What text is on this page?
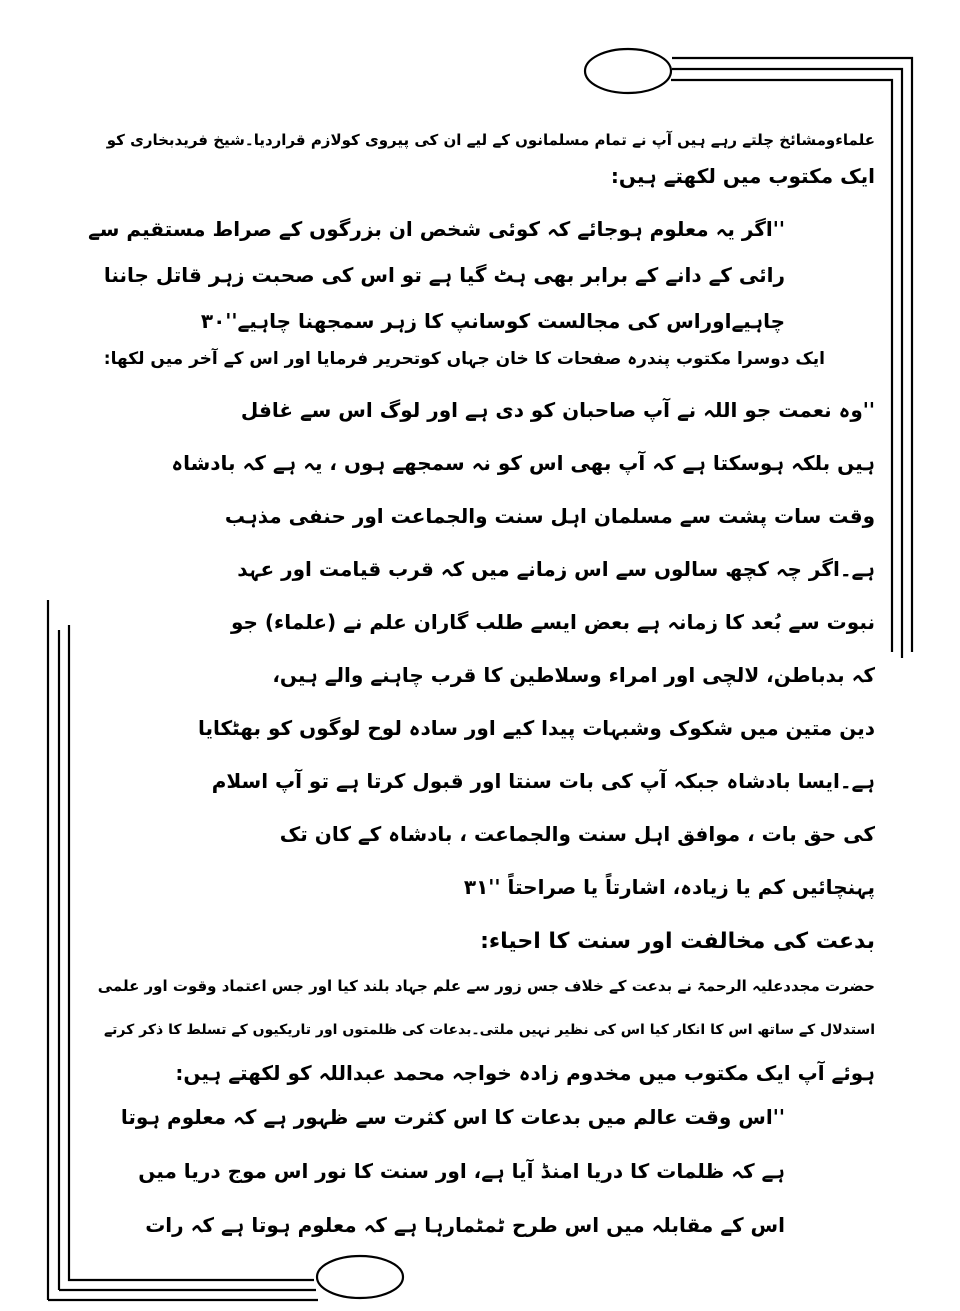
علماءومشائخ چلتے رہے ہیں آپ نے تمام مسلمانوں کے لیے ان کی پیروی کولازم قراردیا۔شیخ فریدبخاری کو
ایک مکتوب میں لکھتے ہیں:
''اگر یہ معلوم ہوجائے کہ کوئی شخص ان بزرگوں کے صراط مستقیم سے
رائی کے دانے کے برابر بھی ہٹ گیا ہے تو اس کی صحبت زہر قاتل جاننا
چاہیےاوراس کی مجالست کوسانپ کا زہر سمجھنا چاہیے''۳۰
ایک دوسرا مکتوب پندرہ صفحات کا خان جہاں کوتحریر فرمایا اور اس کے آخر میں لکھا:
''وہ نعمت جو اللہ نے آپ صاحبان کو دی ہے اور لوگ اس سے غافل
ہیں بلکہ ہوسکتا ہے کہ آپ بھی اس کو نہ سمجھے ہوں ، یہ ہے کہ بادشاہ
وقت سات پشت سے مسلمان اہل سنت والجماعت اور حنفی مذہب
ہے۔اگر چہ کچھ سالوں سے اس زمانے میں کہ قرب قیامت اور عہد
نبوت سے بُعد کا زمانہ ہے بعض ایسے طلب گاران علم نے (علماء) جو
کہ بدباطن، لالچی اور امراء وسلاطین کا قرب چاہنے والے ہیں،
دین متین میں شکوک وشبہات پیدا کیے اور سادہ لوح لوگوں کو بھٹکایا
ہے۔ایسا بادشاہ جبکہ آپ کی بات سنتا اور قبول کرتا ہے تو آپ اسلام
کی حق بات ، موافق اہل سنت والجماعت ، بادشاہ کے کان تک
پہنچائیں کم یا زیادہ، اشارتاً یا صراحتاً ''۳۱
بدعت کی مخالفت اور سنت کا احیاء:
حضرت مجددعلیہ الرحمۃ نے بدعت کے خلاف جس زور سے علم جہاد بلند کیا اور جس اعتماد وقوت اور علمی
استدلال کے ساتھ اس کا انکار کیا اس کی نظیر نہیں ملتی۔بدعات کی ظلمتوں اور تاریکیوں کے تسلط کا ذکر کرتے
ہوئے آپ ایک مکتوب میں مخدوم زادہ خواجہ محمد عبداللہ کو لکھتے ہیں:
''اس وقت عالم میں بدعات کا اس کثرت سے ظہور ہے کہ معلوم ہوتا
ہے کہ ظلمات کا دریا امنڈ آیا ہے، اور سنت کا نور اس موج دریا میں
اس کے مقابلہ میں اس طرح ٹمٹمارہا ہے کہ معلوم ہوتا ہے کہ رات
